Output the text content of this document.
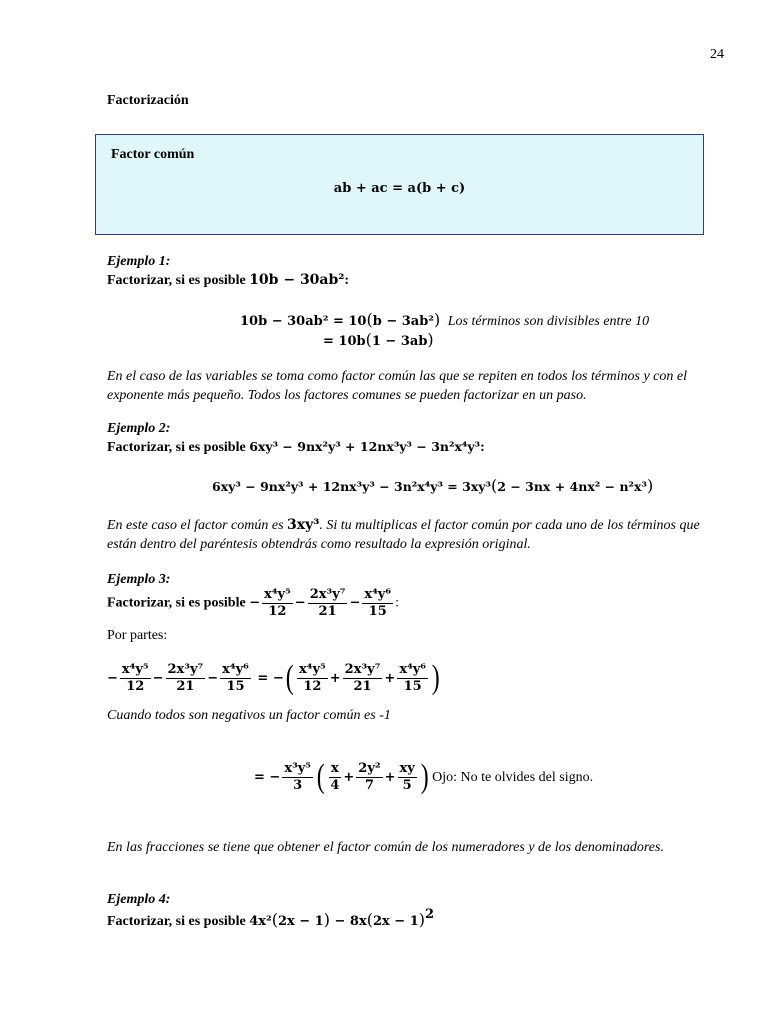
24
Factorización
Factor común
ab + ac = a(b + c)
Ejemplo 1:
Factorizar, si es posible 10b − 30ab²:
10b − 30ab² = 10(b − 3ab²) Los términos son divisibles entre 10
= 10b(1 − 3ab)
En el caso de las variables se toma como factor común las que se repiten en todos los términos y con el exponente más pequeño. Todos los factores comunes se pueden factorizar en un paso.
Ejemplo 2:
Factorizar, si es posible 6xy³ − 9nx²y³ + 12nx³y³ − 3n²x⁴y³:
6xy³ − 9nx²y³ + 12nx³y³ − 3n²x⁴y³ = 3xy³(2 − 3nx + 4nx² − n²x³)
En este caso el factor común es 3xy³. Si tu multiplicas el factor común por cada uno de los términos que están dentro del paréntesis obtendrás como resultado la expresión original.
Ejemplo 3:
Factorizar, si es posible − $\frac{\text{x⁴y⁵}}{12} - \frac{\text{2x³y⁷}}{21} - \frac{\text{x⁴y⁶}}{15}$ :
Por partes:
− $\frac{\text{x⁴y⁵}}{12} - \frac{\text{2x³y⁷}}{21} - \frac{\text{x⁴y⁶}}{15}$ = −( $\frac{\text{x⁴y⁵}}{12} + \frac{\text{2x³y⁷}}{21} + \frac{\text{x⁴y⁶}}{15}$ )
Cuando todos son negativos un factor común es -1
= − $\frac{\text{x³y⁵}}{3}$ ( $\frac{x}{4} + \frac{\text{2y²}}{7} + \frac{xy}{5}$ ) Ojo: No te olvides del signo.
En las fracciones se tiene que obtener el factor común de los numeradores y de los denominadores.
Ejemplo 4:
Factorizar, si es posible $4x^2(2x - 1) - 8x(2x - 1)^2$
